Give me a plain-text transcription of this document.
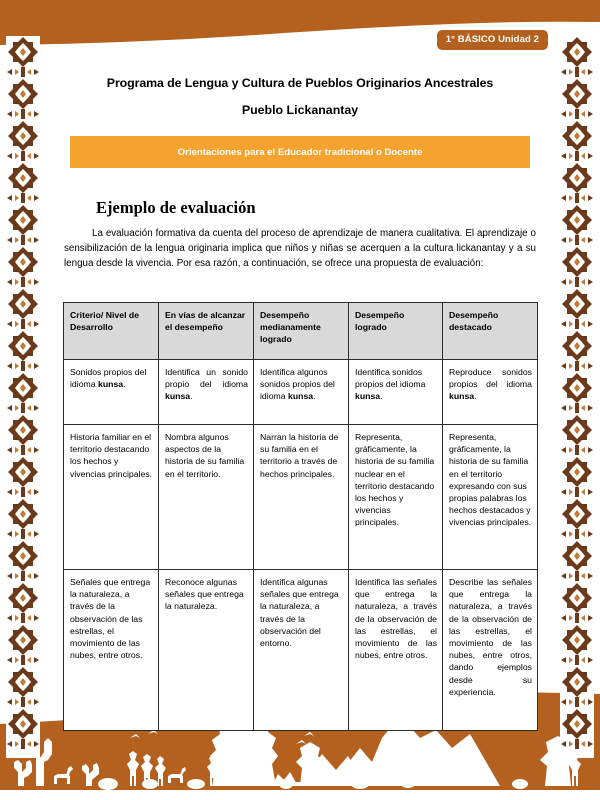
1° BÁSICO Unidad 2
Programa de Lengua y Cultura de Pueblos Originarios Ancestrales
Pueblo Lickanantay
Orientaciones para el Educador tradicional o Docente
Ejemplo de evaluación
La evaluación formativa da cuenta del proceso de aprendizaje de manera cualitativa. El aprendizaje o sensibilización de la lengua originaria implica que niños y niñas se acerquen a la cultura lickanantay y a su lengua desde la vivencia. Por esa razón, a continuación, se ofrece una propuesta de evaluación:
Criterio/ Nivel de Desarrollo	En vías de alcanzar el desempeño	Desempeño medianamente logrado	Desempeño logrado	Desempeño destacado
Sonidos propios del idioma kunsa.	Identifica un sonido propio del idioma kunsa.	Identifica algunos sonidos propios del idioma kunsa.	Identifica sonidos propios del idioma kunsa.	Reproduce sonidos propios del idioma kunsa.
Historia familiar en el territorio destacando los hechos y vivencias principales.	Nombra algunos aspectos de la historia de su familia en el territorio.	Narran la historia de su familia en el territorio a través de hechos principales.	Representa, gráficamente, la historia de su familia nuclear en el territorio destacando los hechos y vivencias principales.	Representa, gráficamente, la historia de su familia en el territorio expresando con sus propias palabras los hechos destacados y vivencias principales.
Señales que entrega la naturaleza, a través de la observación de las estrellas, el movimiento de las nubes, entre otros.	Reconoce algunas señales que entrega la naturaleza.	Identifica algunas señales que entrega la naturaleza, a través de la observación del entorno.	Identifica las señales que entrega la naturaleza, a través de la observación de las estrellas, el movimiento de las nubes, entre otros.	Describe las señales que entrega la naturaleza, a través de la observación de las estrellas, el movimiento de las nubes, entre otros, dando ejemplos desde su experiencia.
